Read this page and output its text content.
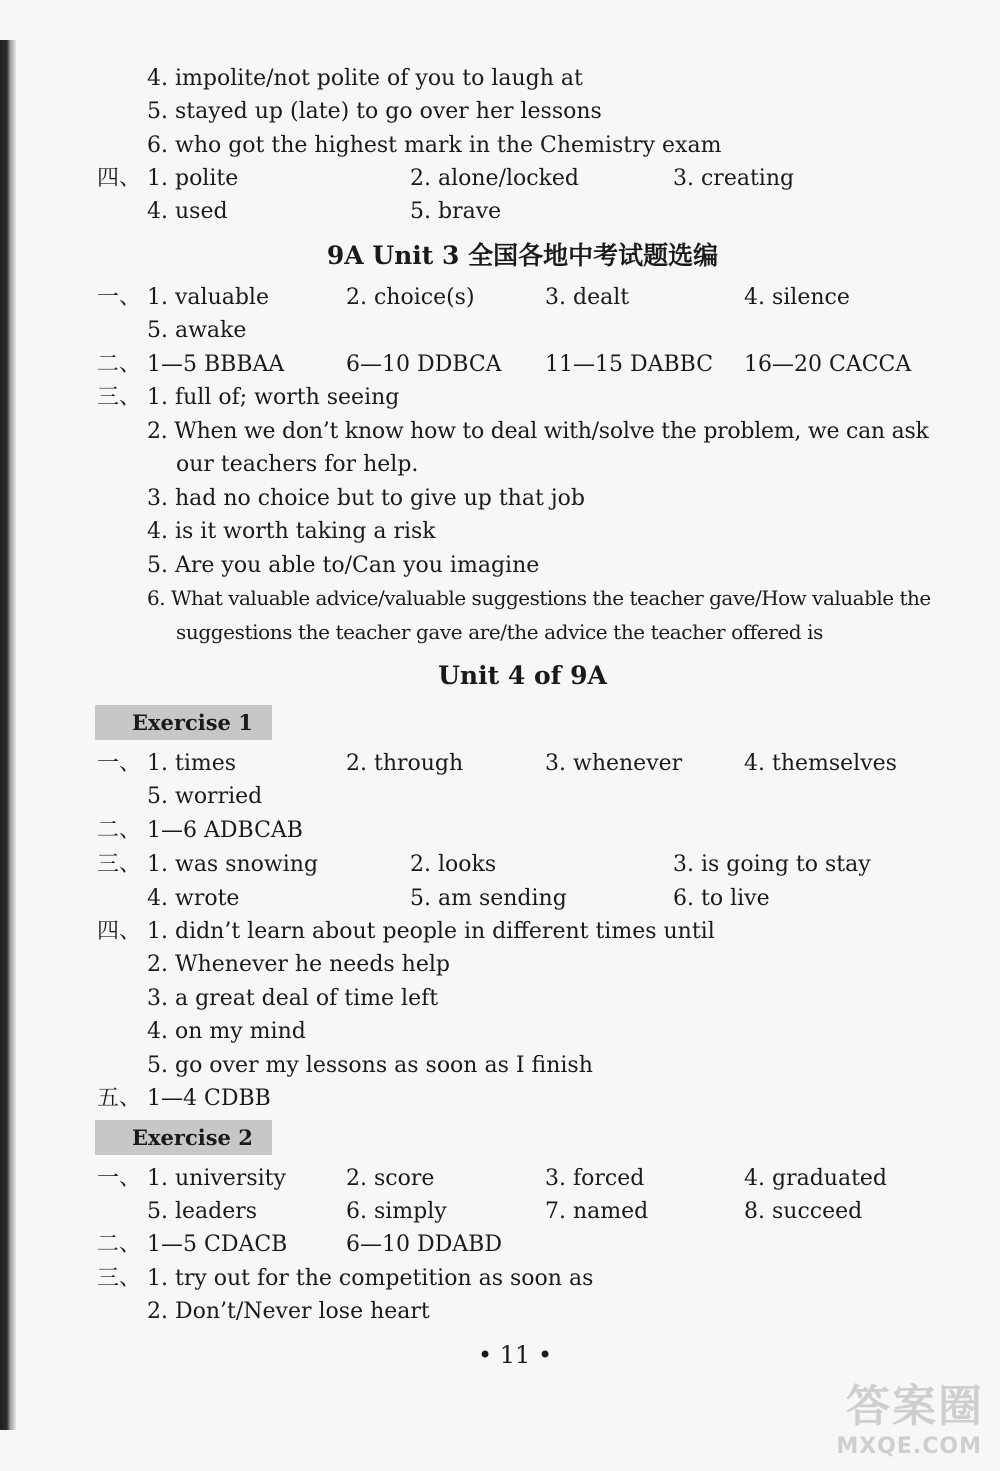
4. impolite/not polite of you to laugh at
5. stayed up (late) to go over her lessons
6. who got the highest mark in the Chemistry exam
四、 1. polite	2. alone/locked	3. creating
4. used	5. brave
9A Unit 3 全国各地中考试题选编
一、 1. valuable	2. choice(s)	3. dealt	4. silence
5. awake
二、 1—5 BBBAA	6—10 DDBCA 11—15 DABBC 16—20 CACCA
三、 1. full of; worth seeing
2. When we don’t know how to deal with/solve the problem, we can ask
our teachers for help.
3. had no choice but to give up that job
4. is it worth taking a risk
5. Are you able to/Can you imagine
6. What valuable advice/valuable suggestions the teacher gave/How valuable the
suggestions the teacher gave are/the advice the teacher offered is
Unit 4 of 9A
Exercise 1
一、 1. times	2. through	3. whenever	4. themselves
5. worried
二、 1—6 ADBCAB
三、 1. was snowing	2. looks	3. is going to stay
4. wrote	5. am sending	6. to live
四、 1. didn’t learn about people in different times until
2. Whenever he needs help
3. a great deal of time left
4. on my mind
5. go over my lessons as soon as I finish
五、 1—4 CDBB
Exercise 2
一、 1. university	2. score	3. forced	4. graduated
5. leaders	6. simply	7. named	8. succeed
二、 1—5 CDACB	6—10 DDABD
三、 1. try out for the competition as soon as
2. Don’t/Never lose heart
• 11 •
答案圈
MXQE.COM
